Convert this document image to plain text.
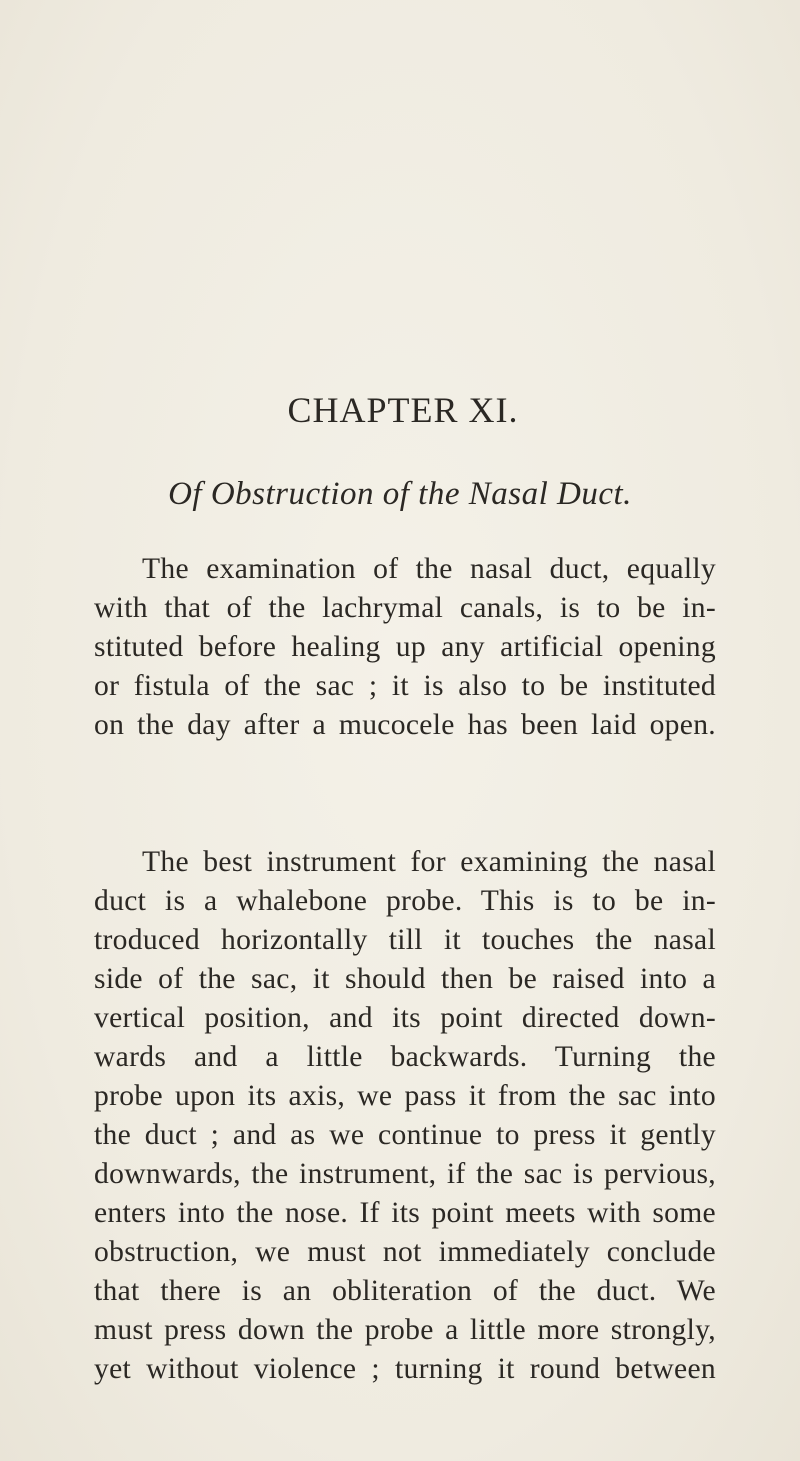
CHAPTER XI.
Of Obstruction of the Nasal Duct.
The examination of the nasal duct, equally
with that of the lachrymal canals, is to be in-
stituted before healing up any artificial opening
or fistula of the sac ; it is also to be instituted
on the day after a mucocele has been laid open.
The best instrument for examining the nasal
duct is a whalebone probe. This is to be in-
troduced horizontally till it touches the nasal
side of the sac, it should then be raised into a
vertical position, and its point directed down-
wards and a little backwards. Turning the
probe upon its axis, we pass it from the sac into
the duct ; and as we continue to press it gently
downwards, the instrument, if the sac is pervious,
enters into the nose. If its point meets with some
obstruction, we must not immediately conclude
that there is an obliteration of the duct. We
must press down the probe a little more strongly,
yet without violence ; turning it round between
